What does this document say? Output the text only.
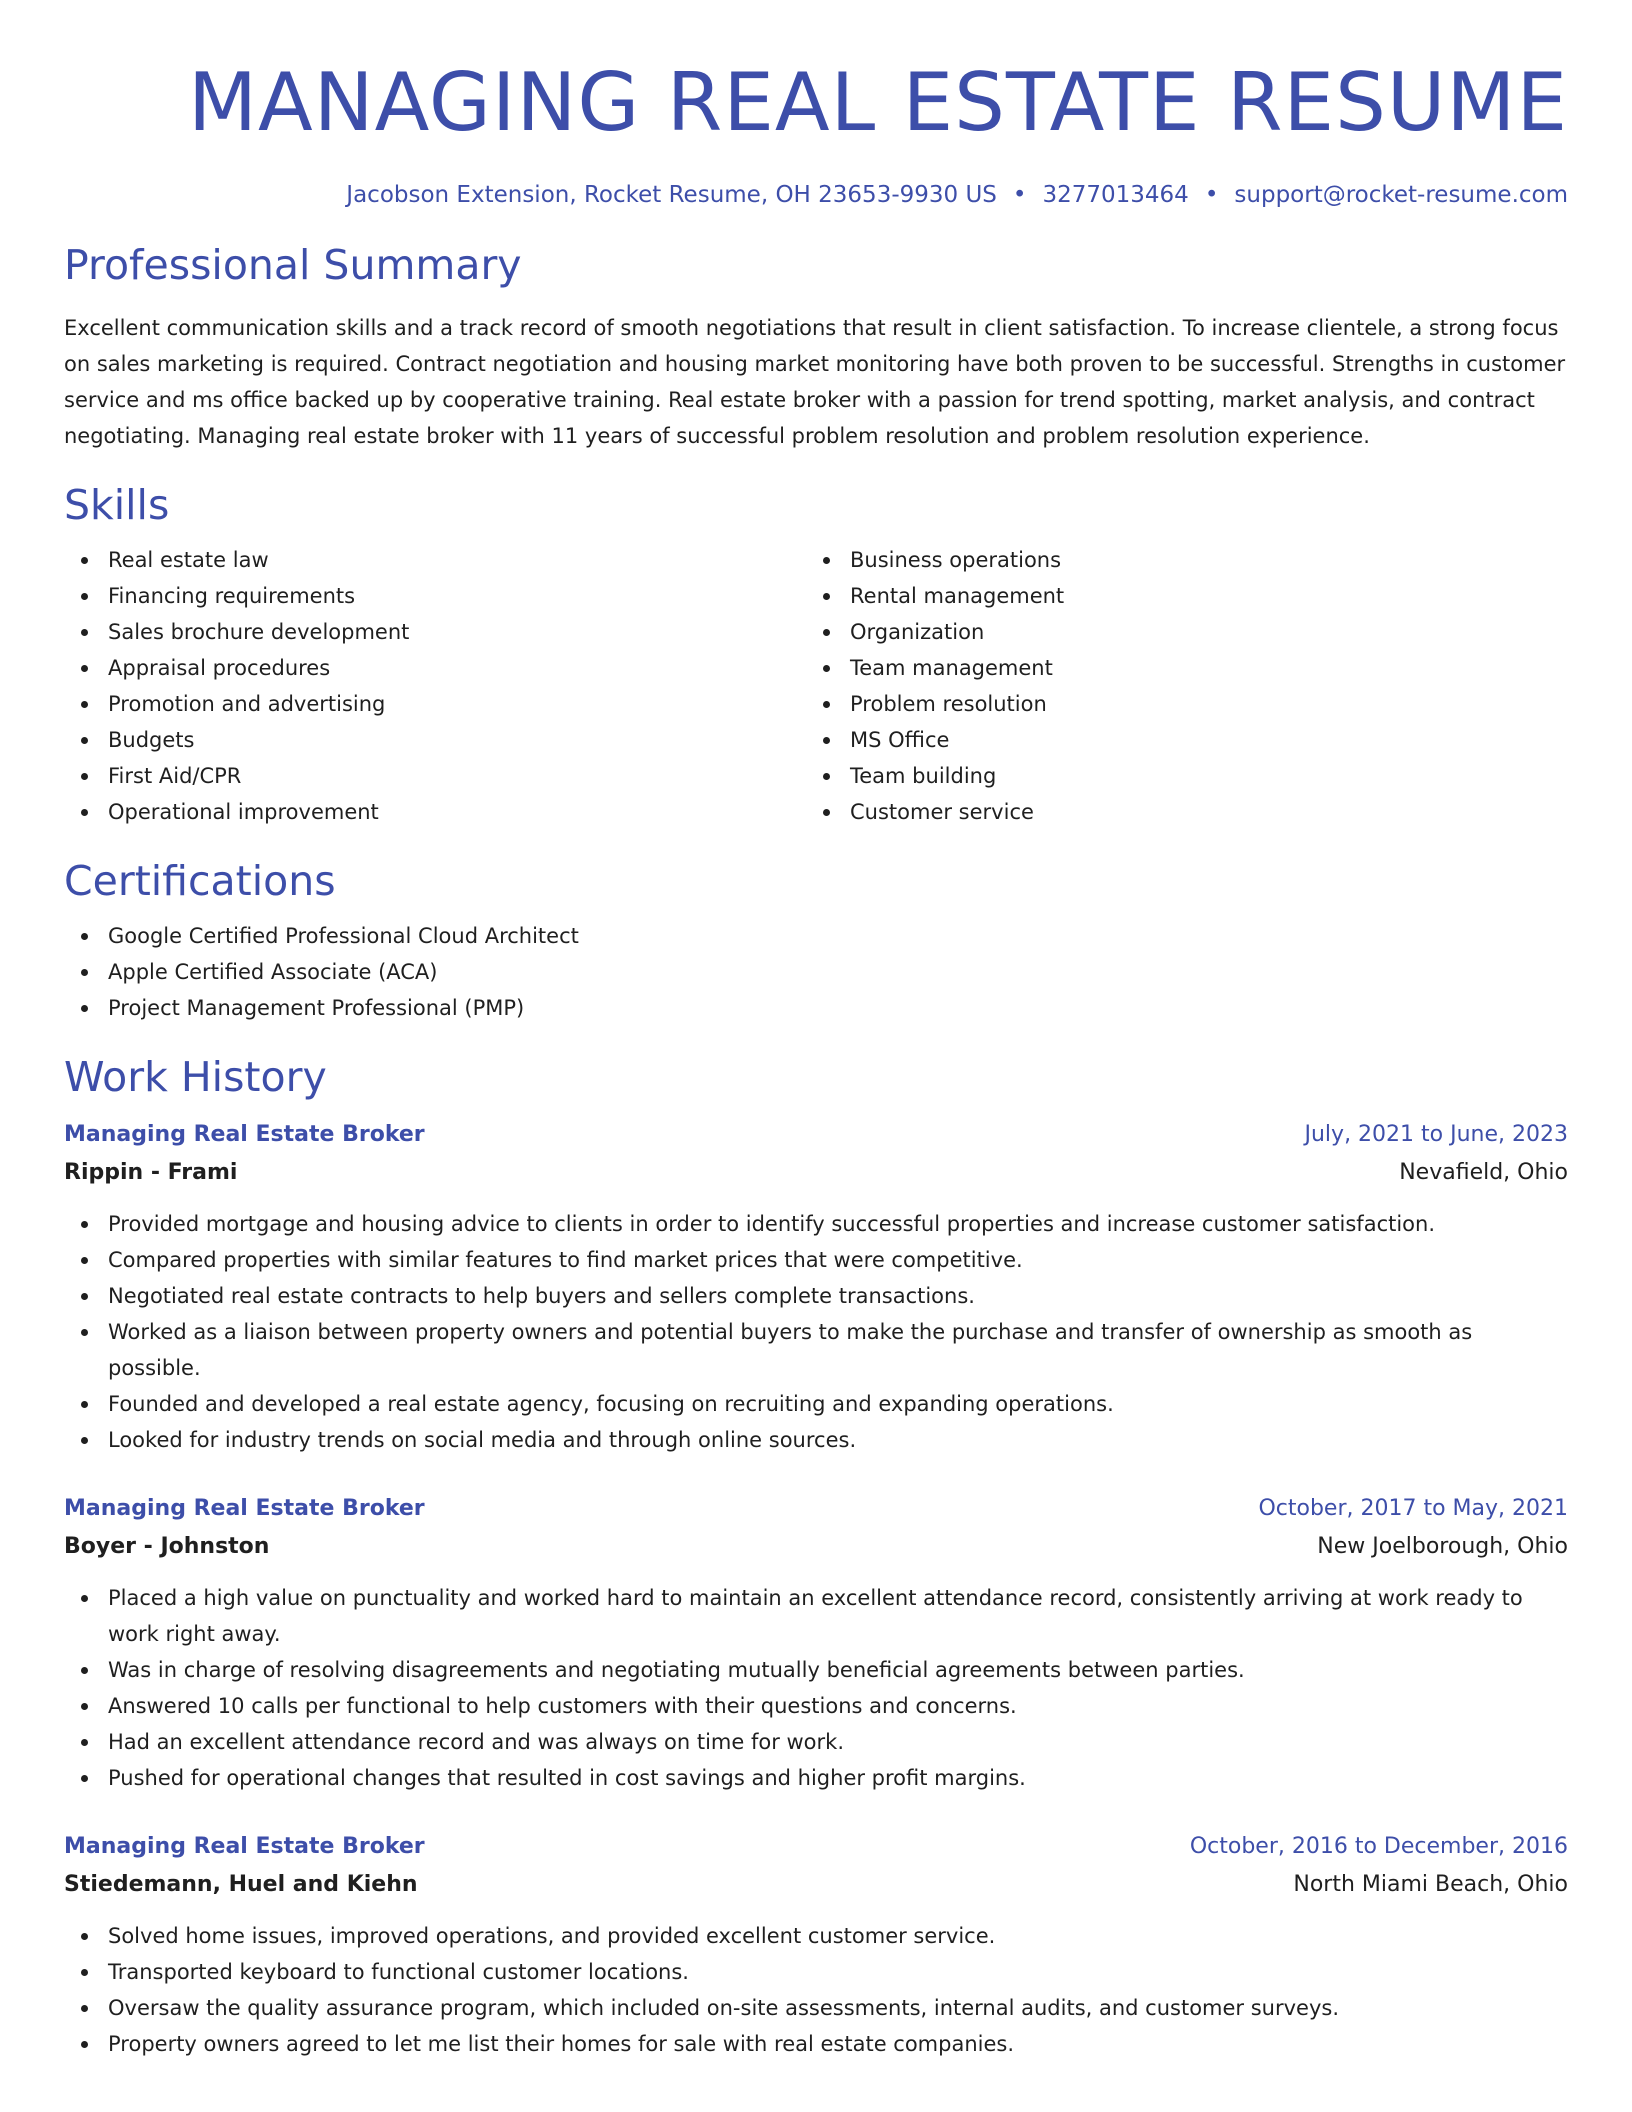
MANAGING REAL ESTATE RESUME
Jacobson Extension, Rocket Resume, OH 23653-9930 US • 3277013464 • support@rocket-resume.com
Professional Summary

Excellent communication skills and a track record of smooth negotiations that result in client satisfaction. To increase clientele, a strong focus on sales marketing is required. Contract negotiation and housing market monitoring have both proven to be successful. Strengths in customer service and ms office backed up by cooperative training. Real estate broker with a passion for trend spotting, market analysis, and contract negotiating. Managing real estate broker with 11 years of successful problem resolution and problem resolution experience.

Skills
Real estate law
Financing requirements
Sales brochure development
Appraisal procedures
Promotion and advertising
Budgets
First Aid/CPR
Operational improvement
Business operations
Rental management
Organization
Team management
Problem resolution
MS Office
Team building
Customer service
Certifications
Google Certified Professional Cloud Architect
Apple Certified Associate (ACA)
Project Management Professional (PMP)
Work History
Managing Real Estate Broker	July, 2021 to June, 2023
Rippin - Frami	Nevafield, Ohio
Provided mortgage and housing advice to clients in order to identify successful properties and increase customer satisfaction.
Compared properties with similar features to find market prices that were competitive.
Negotiated real estate contracts to help buyers and sellers complete transactions.
Worked as a liaison between property owners and potential buyers to make the purchase and transfer of ownership as smooth as possible.
Founded and developed a real estate agency, focusing on recruiting and expanding operations.
Looked for industry trends on social media and through online sources.
Managing Real Estate Broker	October, 2017 to May, 2021
Boyer - Johnston	New Joelborough, Ohio
Placed a high value on punctuality and worked hard to maintain an excellent attendance record, consistently arriving at work ready to work right away.
Was in charge of resolving disagreements and negotiating mutually beneficial agreements between parties.
Answered 10 calls per functional to help customers with their questions and concerns.
Had an excellent attendance record and was always on time for work.
Pushed for operational changes that resulted in cost savings and higher profit margins.
Managing Real Estate Broker	October, 2016 to December, 2016
Stiedemann, Huel and Kiehn	North Miami Beach, Ohio
Solved home issues, improved operations, and provided excellent customer service.
Transported keyboard to functional customer locations.
Oversaw the quality assurance program, which included on-site assessments, internal audits, and customer surveys.
Property owners agreed to let me list their homes for sale with real estate companies.
